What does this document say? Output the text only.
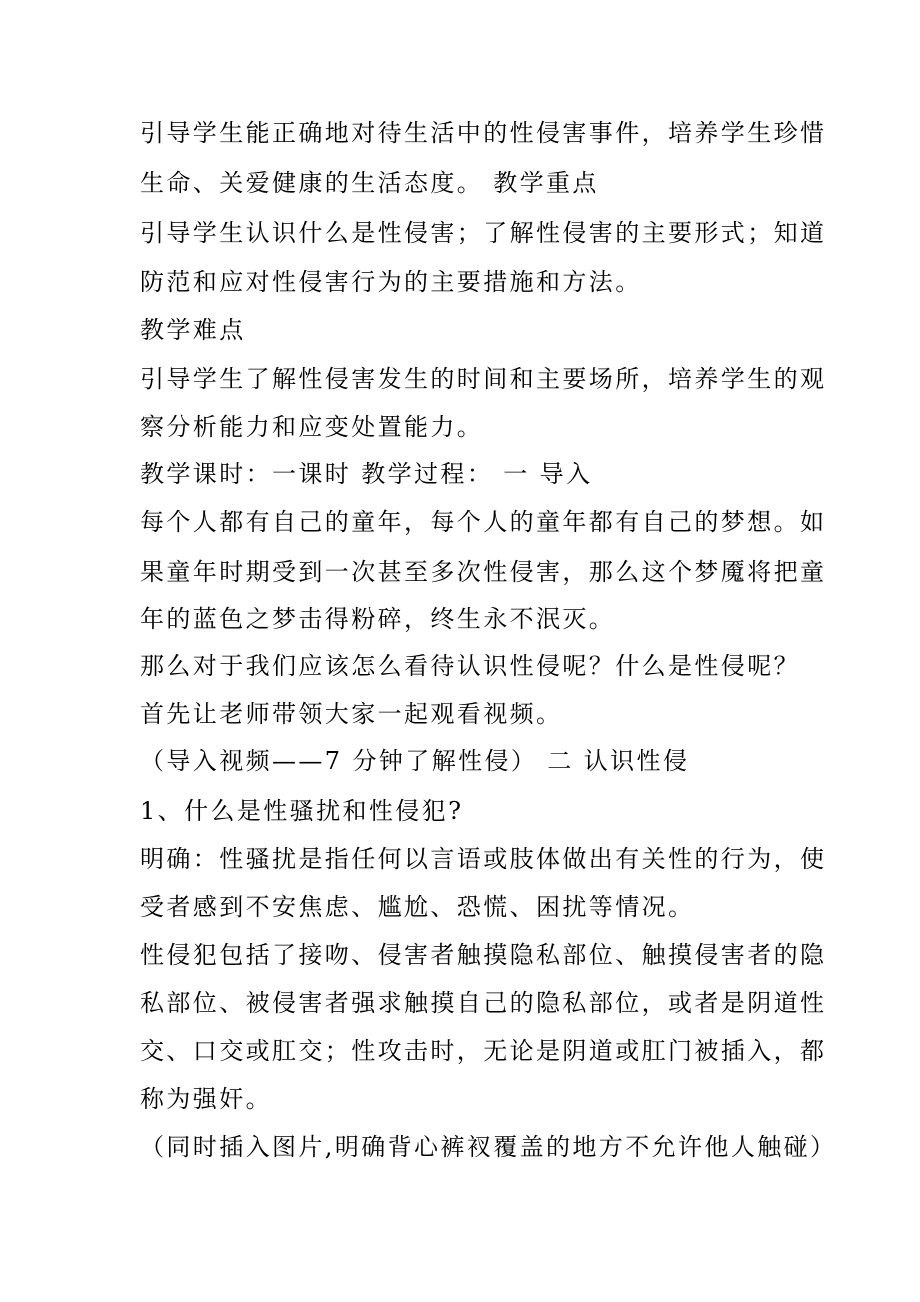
引导学生能正确地对待生活中的性侵害事件，培养学生珍惜
生命、关爱健康的生活态度。 教学重点
引导学生认识什么是性侵害；了解性侵害的主要形式；知道
防范和应对性侵害行为的主要措施和方法。
教学难点
引导学生了解性侵害发生的时间和主要场所，培养学生的观
察分析能力和应变处置能力。
教学课时：一课时 教学过程： 一 导入
每个人都有自己的童年，每个人的童年都有自己的梦想。如
果童年时期受到一次甚至多次性侵害，那么这个梦魇将把童
年的蓝色之梦击得粉碎，终生永不泯灭。
那么对于我们应该怎么看待认识性侵呢？什么是性侵呢？
首先让老师带领大家一起观看视频。
（导入视频——7 分钟了解性侵） 二 认识性侵
1、什么是性骚扰和性侵犯?
明确：性骚扰是指任何以言语或肢体做出有关性的行为，使
受者感到不安焦虑、尴尬、恐慌、困扰等情况。
性侵犯包括了接吻、侵害者触摸隐私部位、触摸侵害者的隐
私部位、被侵害者强求触摸自己的隐私部位，或者是阴道性
交、口交或肛交；性攻击时，无论是阴道或肛门被插入，都
称为强奸。
（同时插入图片,明确背心裤衩覆盖的地方不允许他人触碰）
